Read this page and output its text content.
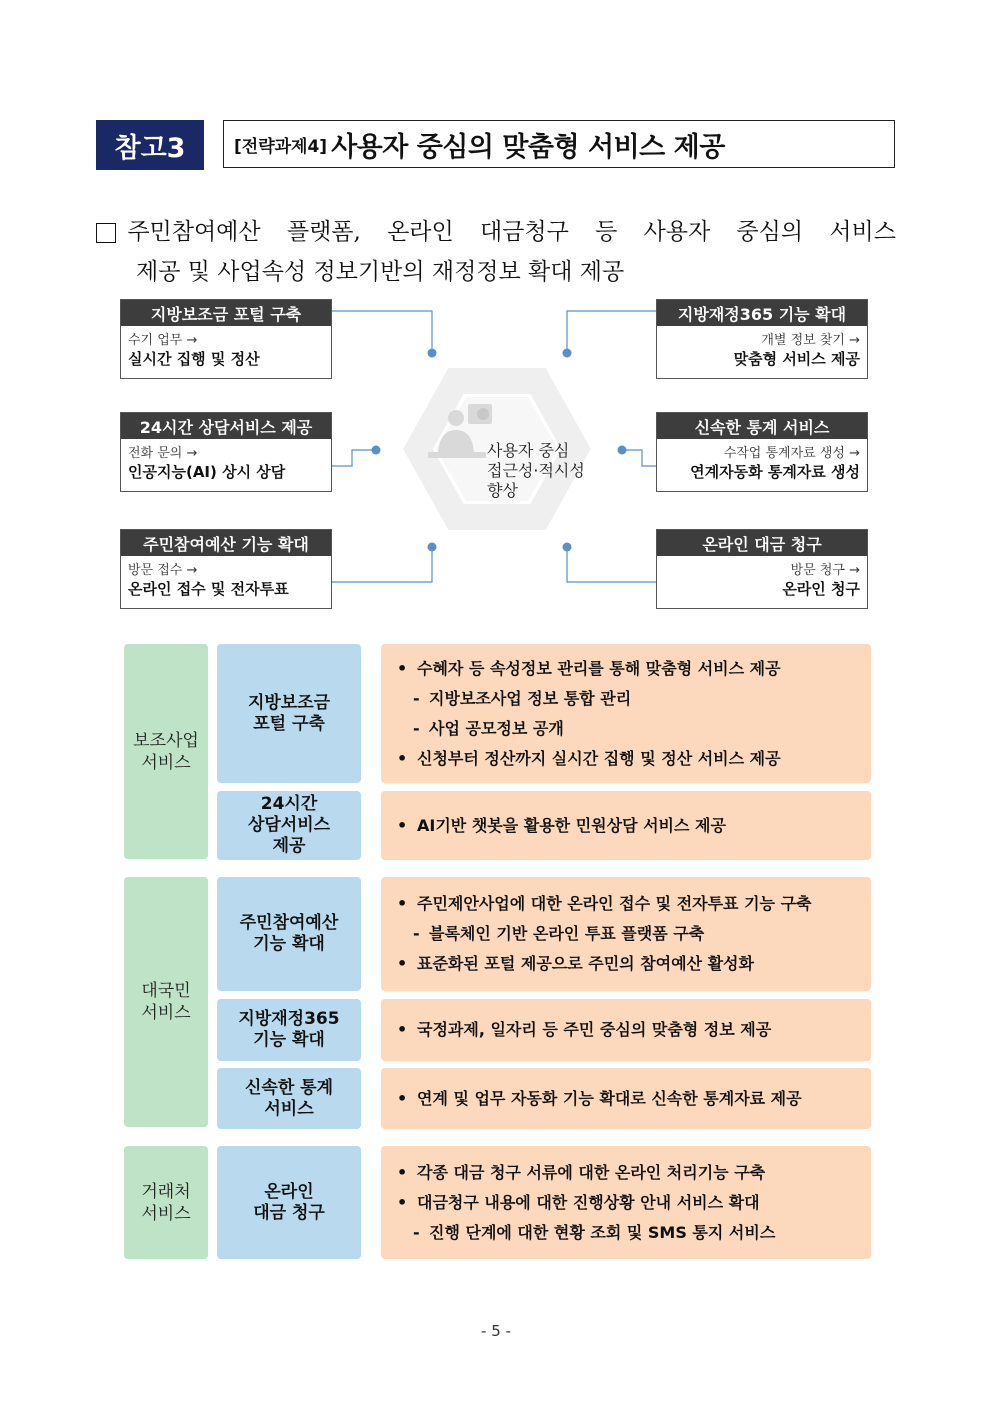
참고3	[전략과제4] 사용자 중심의 맞춤형 서비스 제공
주민참여예산 플랫폼, 온라인 대금청구 등 사용자 중심의 서비스
제공 및 사업속성 정보기반의 재정정보 확대 제공
사용자 중심
접근성·적시성
향상
지방보조금 포털 구축
수기 업무 →
실시간 집행 및 정산
지방재정365 기능 확대
개별 정보 찾기 →
맞춤형 서비스 제공
24시간 상담서비스 제공
전화 문의 →
인공지능(AI) 상시 상담
신속한 통계 서비스
수작업 통계자료 생성 →
연계자동화 통계자료 생성
주민참여예산 기능 확대
방문 접수 →
온라인 접수 및 전자투표
온라인 대금 청구
방문 청구 →
온라인 청구
보조사업
서비스
대국민
서비스
거래처
서비스
지방보조금
포털 구축
24시간
상담서비스
제공
주민참여예산
기능 확대
지방재정365
기능 확대
신속한 통계
서비스
온라인
대금 청구
• 수혜자 등 속성정보 관리를 통해 맞춤형 서비스 제공
- 지방보조사업 정보 통합 관리
- 사업 공모정보 공개
• 신청부터 정산까지 실시간 집행 및 정산 서비스 제공
• AI기반 챗봇을 활용한 민원상담 서비스 제공
• 주민제안사업에 대한 온라인 접수 및 전자투표 기능 구축
- 블록체인 기반 온라인 투표 플랫폼 구축
• 표준화된 포털 제공으로 주민의 참여예산 활성화
• 국정과제, 일자리 등 주민 중심의 맞춤형 정보 제공
• 연계 및 업무 자동화 기능 확대로 신속한 통계자료 제공
• 각종 대금 청구 서류에 대한 온라인 처리기능 구축
• 대금청구 내용에 대한 진행상황 안내 서비스 확대
- 진행 단계에 대한 현황 조회 및 SMS 통지 서비스
- 5 -
